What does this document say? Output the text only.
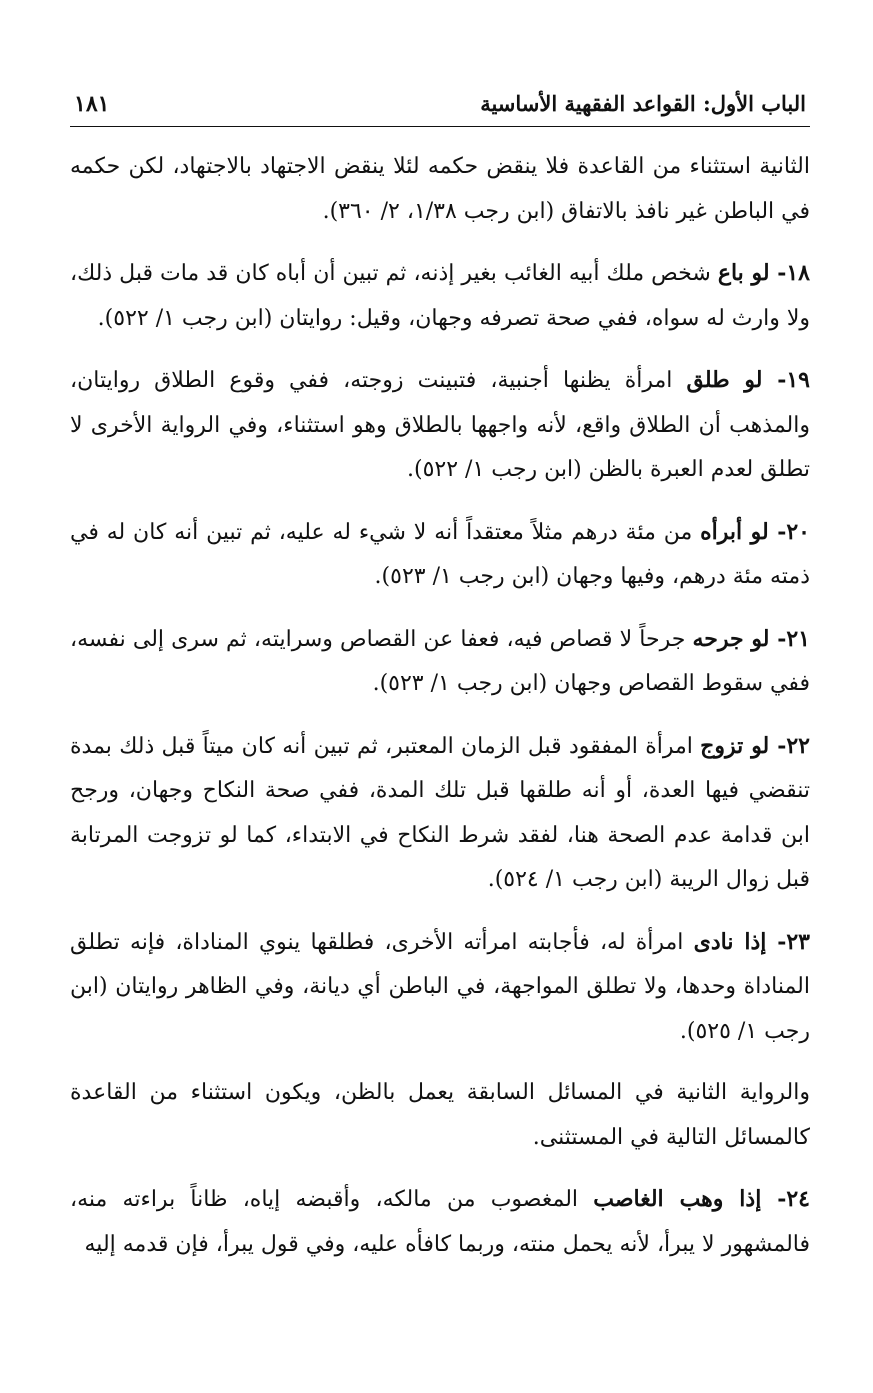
الباب الأول: القواعد الفقهية الأساسية
١٨١

الثانية استثناء من القاعدة فلا ينقض حكمه لئلا ينقض الاجتهاد بالاجتهاد، لكن حكمه في الباطن غير نافذ بالاتفاق (ابن رجب ١/٣٨، ٢/ ٣٦٠).

١٨- لو باع شخص ملك أبيه الغائب بغير إذنه، ثم تبين أن أباه كان قد مات قبل ذلك، ولا وارث له سواه، ففي صحة تصرفه وجهان، وقيل: روايتان (ابن رجب ١/ ٥٢٢).

١٩- لو طلق امرأة يظنها أجنبية، فتبينت زوجته، ففي وقوع الطلاق روايتان، والمذهب أن الطلاق واقع، لأنه واجهها بالطلاق وهو استثناء، وفي الرواية الأخرى لا تطلق لعدم العبرة بالظن (ابن رجب ١/ ٥٢٢).

٢٠- لو أبرأه من مئة درهم مثلاً معتقداً أنه لا شيء له عليه، ثم تبين أنه كان له في ذمته مئة درهم، وفيها وجهان (ابن رجب ١/ ٥٢٣).

٢١- لو جرحه جرحاً لا قصاص فيه، فعفا عن القصاص وسرايته، ثم سرى إلى نفسه، ففي سقوط القصاص وجهان (ابن رجب ١/ ٥٢٣).

٢٢- لو تزوج امرأة المفقود قبل الزمان المعتبر، ثم تبين أنه كان ميتاً قبل ذلك بمدة تنقضي فيها العدة، أو أنه طلقها قبل تلك المدة، ففي صحة النكاح وجهان، ورجح ابن قدامة عدم الصحة هنا، لفقد شرط النكاح في الابتداء، كما لو تزوجت المرتابة قبل زوال الريبة (ابن رجب ١/ ٥٢٤).

٢٣- إذا نادى امرأة له، فأجابته امرأته الأخرى، فطلقها ينوي المناداة، فإنه تطلق المناداة وحدها، ولا تطلق المواجهة، في الباطن أي ديانة، وفي الظاهر روايتان (ابن رجب ١/ ٥٢٥).

والرواية الثانية في المسائل السابقة يعمل بالظن، ويكون استثناء من القاعدة كالمسائل التالية في المستثنى.

٢٤- إذا وهب الغاصب المغصوب من مالكه، وأقبضه إياه، ظاناً براءته منه، فالمشهور لا يبرأ، لأنه يحمل منته، وربما كافأه عليه، وفي قول يبرأ، فإن قدمه إليه
